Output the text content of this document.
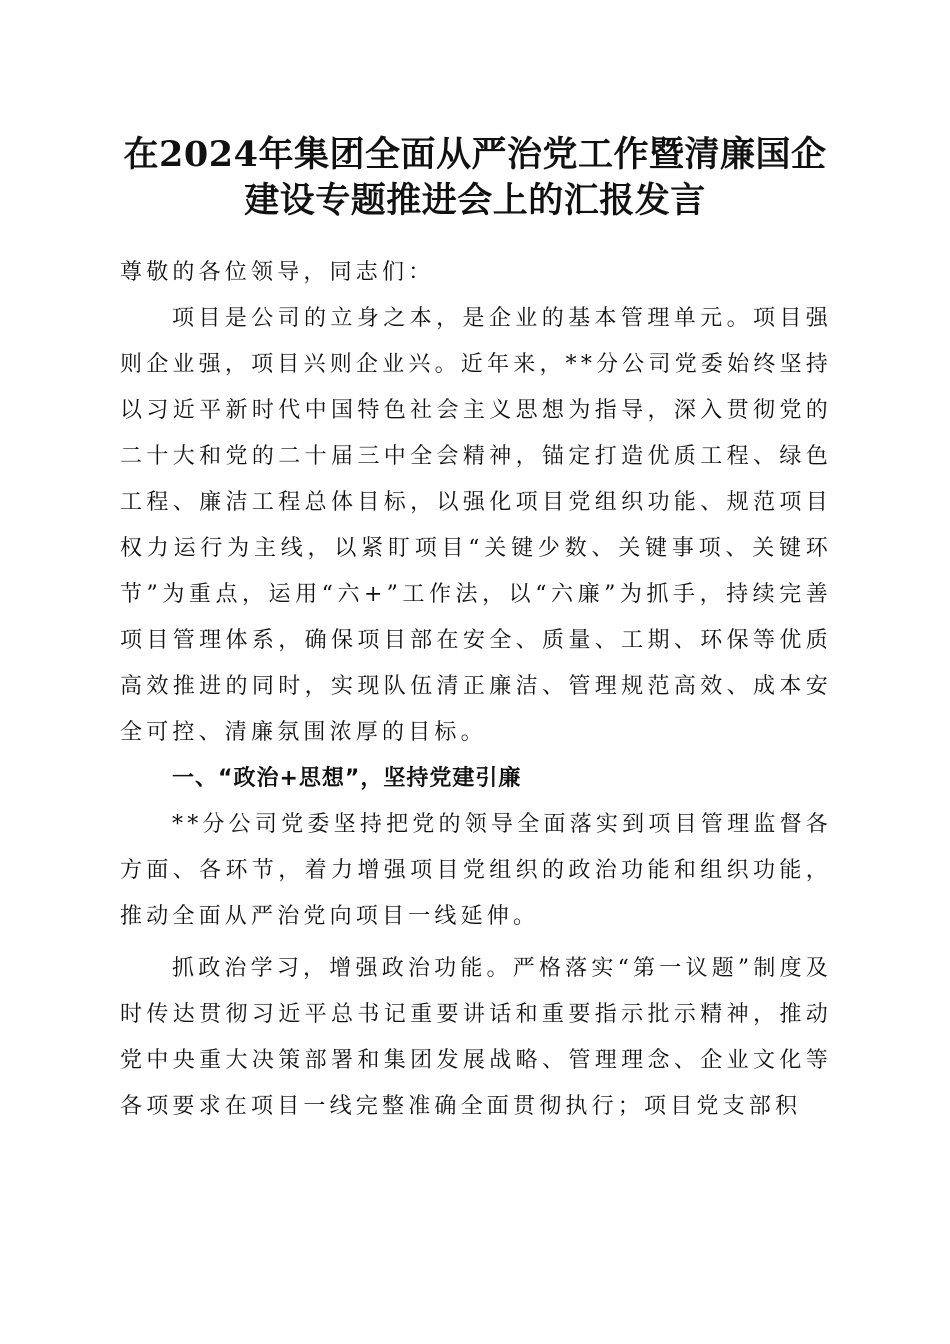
在2024年集团全面从严治党工作暨清廉国企
建设专题推进会上的汇报发言

尊敬的各位领导，同志们：

项目是公司的立身之本，是企业的基本管理单元。项目强则企业强，项目兴则企业兴。近年来，**分公司党委始终坚持以习近平新时代中国特色社会主义思想为指导，深入贯彻党的二十大和党的二十届三中全会精神，锚定打造优质工程、绿色工程、廉洁工程总体目标，以强化项目党组织功能、规范项目权力运行为主线，以紧盯项目“关键少数、关键事项、关键环节”为重点，运用“六+”工作法，以“六廉”为抓手，持续完善项目管理体系，确保项目部在安全、质量、工期、环保等优质高效推进的同时，实现队伍清正廉洁、管理规范高效、成本安全可控、清廉氛围浓厚的目标。

一、“政治+思想”，坚持党建引廉

**分公司党委坚持把党的领导全面落实到项目管理监督各方面、各环节，着力增强项目党组织的政治功能和组织功能，推动全面从严治党向项目一线延伸。

抓政治学习，增强政治功能。严格落实“第一议题”制度及时传达贯彻习近平总书记重要讲话和重要指示批示精神，推动党中央重大决策部署和集团发展战略、管理理念、企业文化等各项要求在项目一线完整准确全面贯彻执行；项目党支部积
